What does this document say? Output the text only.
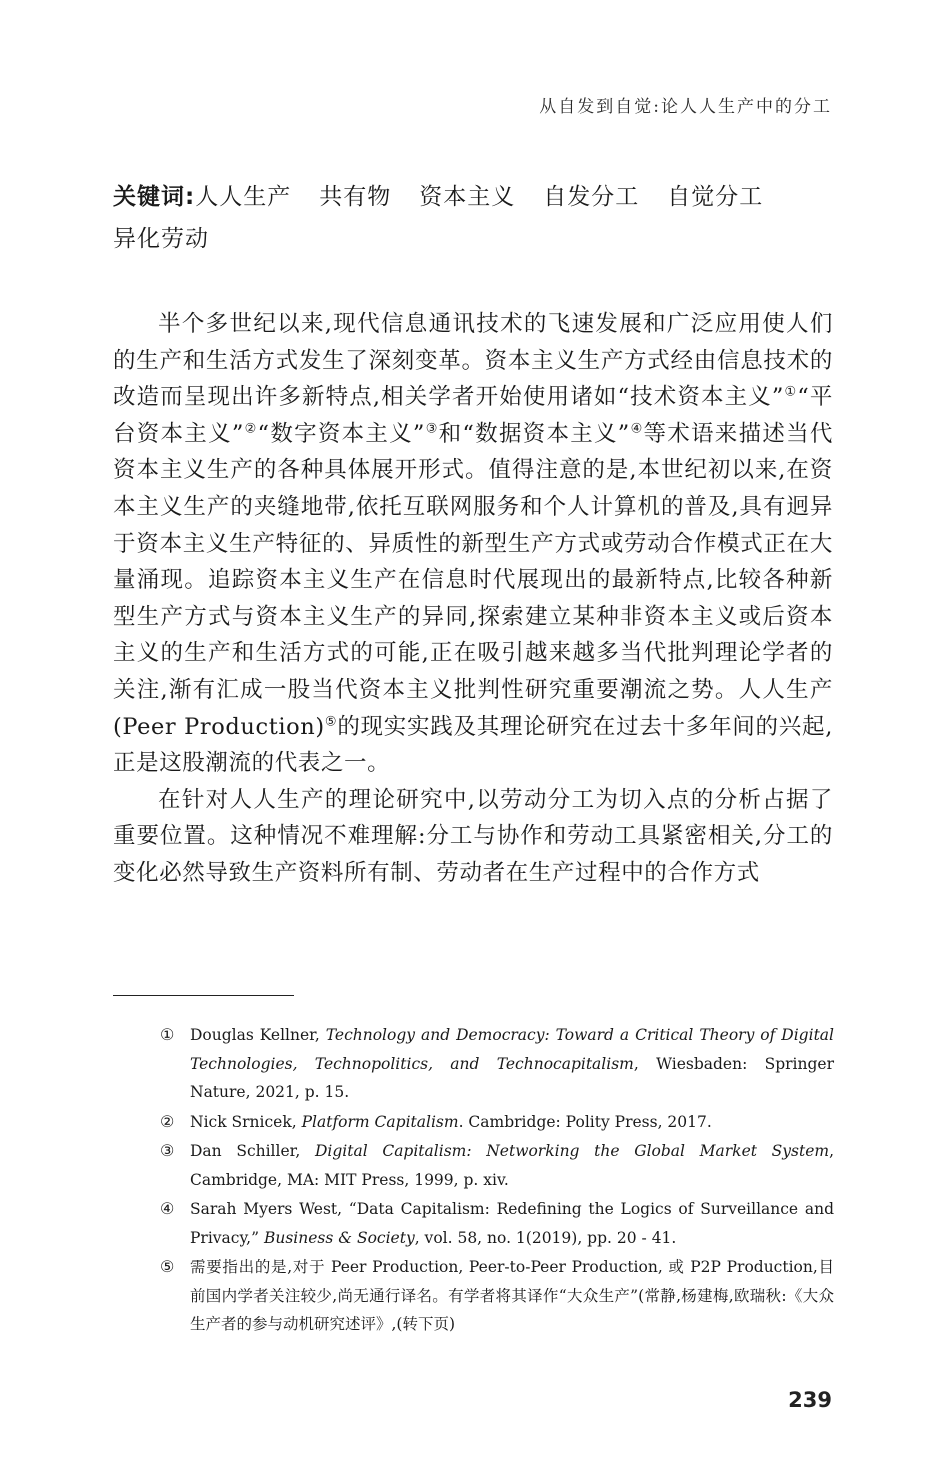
从自发到自觉:论人人生产中的分工
关键词:人人生产 共有物 资本主义 自发分工 自觉分工
异化劳动

半个多世纪以来,现代信息通讯技术的飞速发展和广泛应用使人们的生产和生活方式发生了深刻变革。资本主义生产方式经由信息技术的改造而呈现出许多新特点,相关学者开始使用诸如“技术资本主义”①“平台资本主义”②“数字资本主义”③和“数据资本主义”④等术语来描述当代资本主义生产的各种具体展开形式。值得注意的是,本世纪初以来,在资本主义生产的夹缝地带,依托互联网服务和个人计算机的普及,具有迥异于资本主义生产特征的、异质性的新型生产方式或劳动合作模式正在大量涌现。追踪资本主义生产在信息时代展现出的最新特点,比较各种新型生产方式与资本主义生产的异同,探索建立某种非资本主义或后资本主义的生产和生活方式的可能,正在吸引越来越多当代批判理论学者的关注,渐有汇成一股当代资本主义批判性研究重要潮流之势。人人生产(Peer Production)⑤的现实实践及其理论研究在过去十多年间的兴起,正是这股潮流的代表之一。

在针对人人生产的理论研究中,以劳动分工为切入点的分析占据了重要位置。这种情况不难理解:分工与协作和劳动工具紧密相关,分工的变化必然导致生产资料所有制、劳动者在生产过程中的合作方式

① Douglas Kellner, Technology and Democracy: Toward a Critical Theory of Digital Technologies, Technopolitics, and Technocapitalism, Wiesbaden: Springer Nature, 2021, p. 15.
② Nick Srnicek, Platform Capitalism. Cambridge: Polity Press, 2017.
③ Dan Schiller, Digital Capitalism: Networking the Global Market System, Cambridge, MA: MIT Press, 1999, p. xiv.
④ Sarah Myers West, “Data Capitalism: Redefining the Logics of Surveillance and Privacy,” Business & Society, vol. 58, no. 1(2019), pp. 20 - 41.
⑤ 需要指出的是,对于 Peer Production, Peer-to-Peer Production, 或 P2P Production,目前国内学者关注较少,尚无通行译名。有学者将其译作“大众生产”(常静,杨建梅,欧瑞秋:《大众生产者的参与动机研究述评》,(转下页)
239
